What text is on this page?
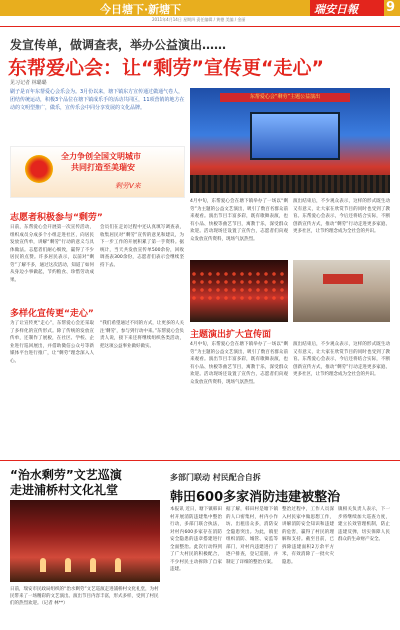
今日塘下·新塘下	瑞安日報 9
2011年4月14日 星期四 责任编辑 / 黄德 美编 / 金丽
发宣传单，做调查表，举办公益演出……
东帮爱心会：让“剩劳”宣传更“走心”
见习记者 林璐璐
刷子是百年东帮爱心会乐会为。3月份以来，塘下镇东方宣传通过做通气卷人，团结传统运动，积极3个品位在塘下镇成乐手的活动共同区，11项营销的地方在动的文明型推广，做乐，宣传乐会中同分享发展的文化品牌。
全力争创全国文明城市
共同打造至美瑞安
剩劳V来
志愿者积极参与“剩劳”
日前，东帮爱心会开展第一次宣传活动，组织成员分成多个小组走进社区，向居民发放宣传单，讲解“剩劳”行动的意义与具体做法。志愿者们耐心细致，赢得了不少居民的点赞。许多居民表示，以前对“剩劳”了解不多，通过这次活动，知道了如何从身边小事做起，节约粮食、珍惜劳动成果。
会员们在走访过程中还认真填写调查表，收集居民对“剩劳”宣传的意见和建议，为下一步工作的开展积累了第一手资料。据统计，当天共发放宣传单500余份，回收调查表300余份，志愿者们表示会继续坚持下去。
多样化宣传更“走心”
为了让宣传更“走心”，东帮爱心会还采取了多样化的宣传形式。除了传统的发放宣传单，还制作了展板，在社区、学校、企业进行巡回展出，并借助微信公众号等新媒体平台进行推广，让“剩劳”理念深入人心。
“我们希望通过不同的方式，让更多的人关注‘剩劳’，参与到行动中来。”东帮爱心会负责人说，接下来还将继续组织各类活动，把这项公益事业做好做实。
东帮爱心会“剩劳”主题公益演出
4月中旬，东帮爱心会在塘下镇举办了一场以“剩劳”为主题的公益文艺演出，吸引了数百名群众前来观看。演出节目丰富多彩，既有歌舞表演，也有小品、快板等曲艺节目，寓教于乐，深受群众欢迎。活动现场还设置了宣传台，志愿者们向观众发放宣传资料，现场气氛热烈。
演出结束后，不少观众表示，这样的形式既生动又有意义，让大家在欣赏节目的同时也受到了教育。东帮爱心会表示，今后还将结合实际，不断创新宣传方式，推动“剩劳”行动走进更多家庭、更多社区，让节约理念成为全社会的共识。
主题演出扩大宣传面
4月中旬，东帮爱心会在塘下镇举办了一场以“剩劳”为主题的公益文艺演出，吸引了数百名群众前来观看。演出节目丰富多彩，既有歌舞表演，也有小品、快板等曲艺节目，寓教于乐，深受群众欢迎。活动现场还设置了宣传台，志愿者们向观众发放宣传资料，现场气氛热烈。
演出结束后，不少观众表示，这样的形式既生动又有意义，让大家在欣赏节目的同时也受到了教育。东帮爱心会表示，今后还将结合实际，不断创新宣传方式，推动“剩劳”行动走进更多家庭、更多社区，让节约理念成为全社会的共识。
“治水剩劳”文艺巡演
走进浦桥村文化礼堂
日前，瑞安市民政局组织的“治水剩劳”文艺巡演走进浦桥村文化礼堂，为村民带来了一场精彩的文艺演出。演出节目内容丰富，形式多样，受到了村民们的热烈欢迎。（记者 林**）
多部门联动 村民配合自拆
韩田600多家消防违建被整治
本报讯 近日，塘下镇韩田村开展消防违建集中整治行动，多部门联合执法，对村内600多家存在消防安全隐患的违章搭建进行全面整治。此次行动得到了广大村民的积极配合，不少村民主动拆除了自家违建。
据了解，韩田村是塘下镇的人口密集村，村内小作坊、出租房众多，消防安全隐患突出。为此，镇里组织消防、城管、安监等部门，对村内违建进行了逐户排查，登记造册，并制定了详细的整治方案。
整治过程中，工作人员深入村民家中做思想工作，讲解消防安全知识和违建的危害，赢得了村民的理解和支持。截至目前，已拆除违建面积2万余平方米，有效消除了一批火灾隐患。
镇相关负责人表示，下一步将继续加大巡查力度，建立长效管理机制，防止违建反弹，切实保障人民群众的生命财产安全。
